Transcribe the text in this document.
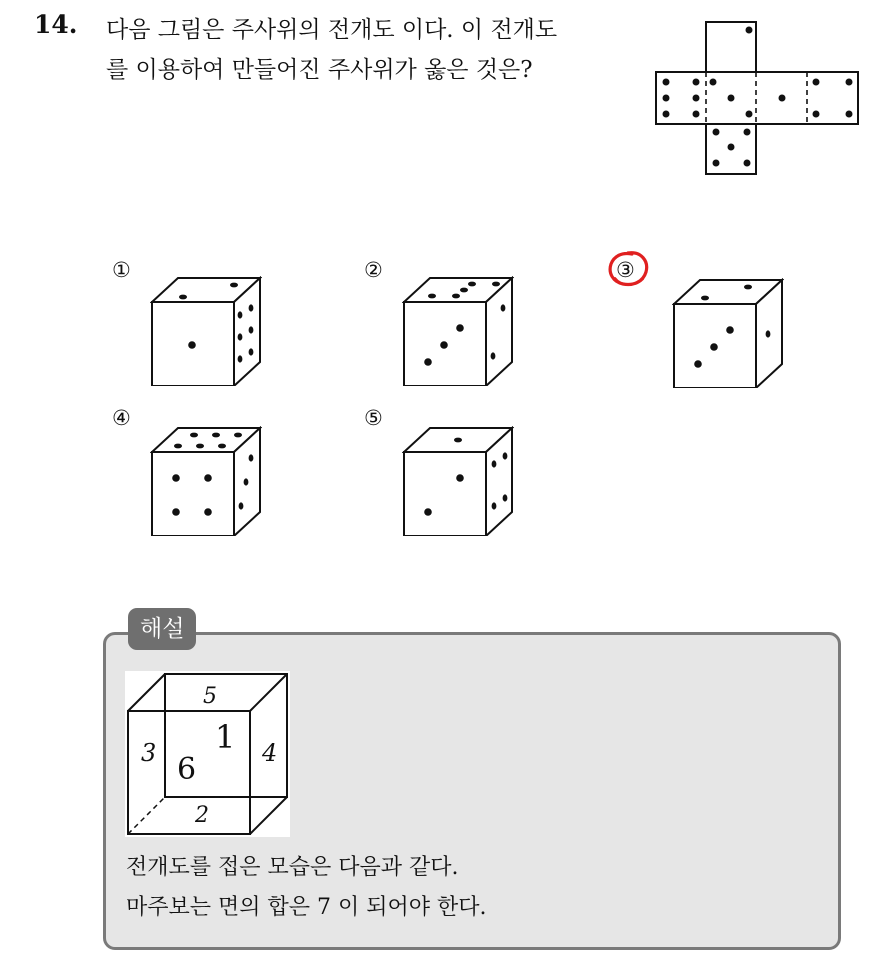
14. 다음 그림은 주사위의 전개도 이다. 이 전개도
를 이용하여 만들어진 주사위가 옳은 것은?
①	②	③
④	⑤
해설
5
1
6
3	4
2
전개도를 접은 모습은 다음과 같다.
마주보는 면의 합은 7 이 되어야 한다.
